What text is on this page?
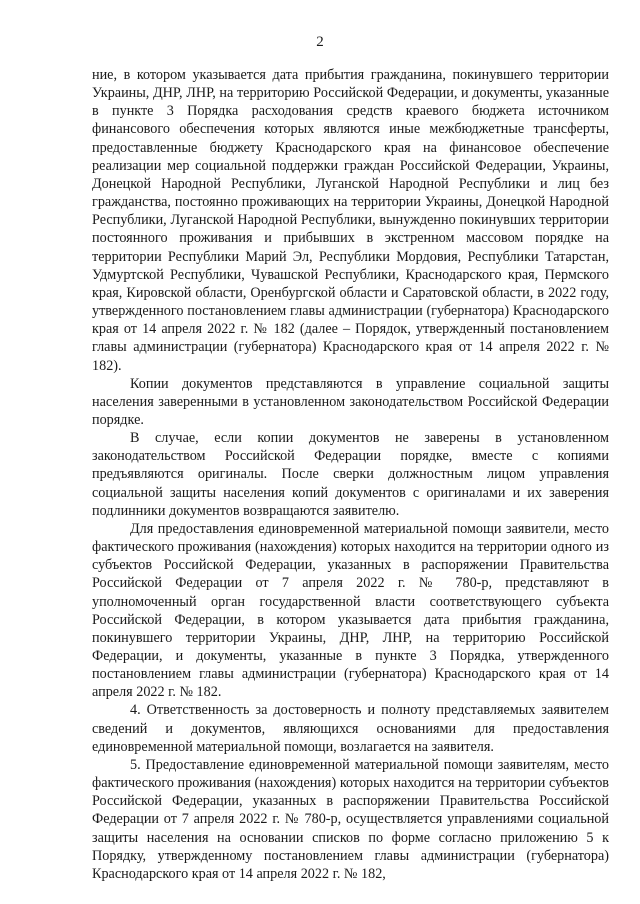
2

ние, в котором указывается дата прибытия гражданина, покинувшего территории Украины, ДНР, ЛНР, на территорию Российской Федерации, и документы, указанные в пункте 3 Порядка расходования средств краевого бюджета источником финансового обеспечения которых являются иные межбюджетные трансферты, предоставленные бюджету Краснодарского края на финансовое обеспечение реализации мер социальной поддержки граждан Российской Федерации, Украины, Донецкой Народной Республики, Луганской Народной Республики и лиц без гражданства, постоянно проживающих на территории Украины, Донецкой Народной Республики, Луганской Народной Республики, вынужденно покинувших территории постоянного проживания и прибывших в экстренном массовом порядке на территории Республики Марий Эл, Республики Мордовия, Республики Татарстан, Удмуртской Республики, Чувашской Республики, Краснодарского края, Пермского края, Кировской области, Оренбургской области и Саратовской области, в 2022 году, утвержденного постановлением главы администрации (губернатора) Краснодарского края от 14 апреля 2022 г. № 182 (далее – Порядок, утвержденный постановлением главы администрации (губернатора) Краснодарского края от 14 апреля 2022 г. № 182).

Копии документов представляются в управление социальной защиты населения заверенными в установленном законодательством Российской Федерации порядке.

В случае, если копии документов не заверены в установленном законодательством Российской Федерации порядке, вместе с копиями предъявляются оригиналы. После сверки должностным лицом управления социальной защиты населения копий документов с оригиналами и их заверения подлинники документов возвращаются заявителю.

Для предоставления единовременной материальной помощи заявители, место фактического проживания (нахождения) которых находится на территории одного из субъектов Российской Федерации, указанных в распоряжении Правительства Российской Федерации от 7 апреля 2022 г. № 780-р, представляют в уполномоченный орган государственной власти соответствующего субъекта Российской Федерации, в котором указывается дата прибытия гражданина, покинувшего территории Украины, ДНР, ЛНР, на территорию Российской Федерации, и документы, указанные в пункте 3 Порядка, утвержденного постановлением главы администрации (губернатора) Краснодарского края от 14 апреля 2022 г. № 182.

4. Ответственность за достоверность и полноту представляемых заявителем сведений и документов, являющихся основаниями для предоставления единовременной материальной помощи, возлагается на заявителя.

5. Предоставление единовременной материальной помощи заявителям, место фактического проживания (нахождения) которых находится на территории субъектов Российской Федерации, указанных в распоряжении Правительства Российской Федерации от 7 апреля 2022 г. № 780-р, осуществляется управлениями социальной защиты населения на основании списков по форме согласно приложению 5 к Порядку, утвержденному постановлением главы администрации (губернатора) Краснодарского края от 14 апреля 2022 г. № 182,
